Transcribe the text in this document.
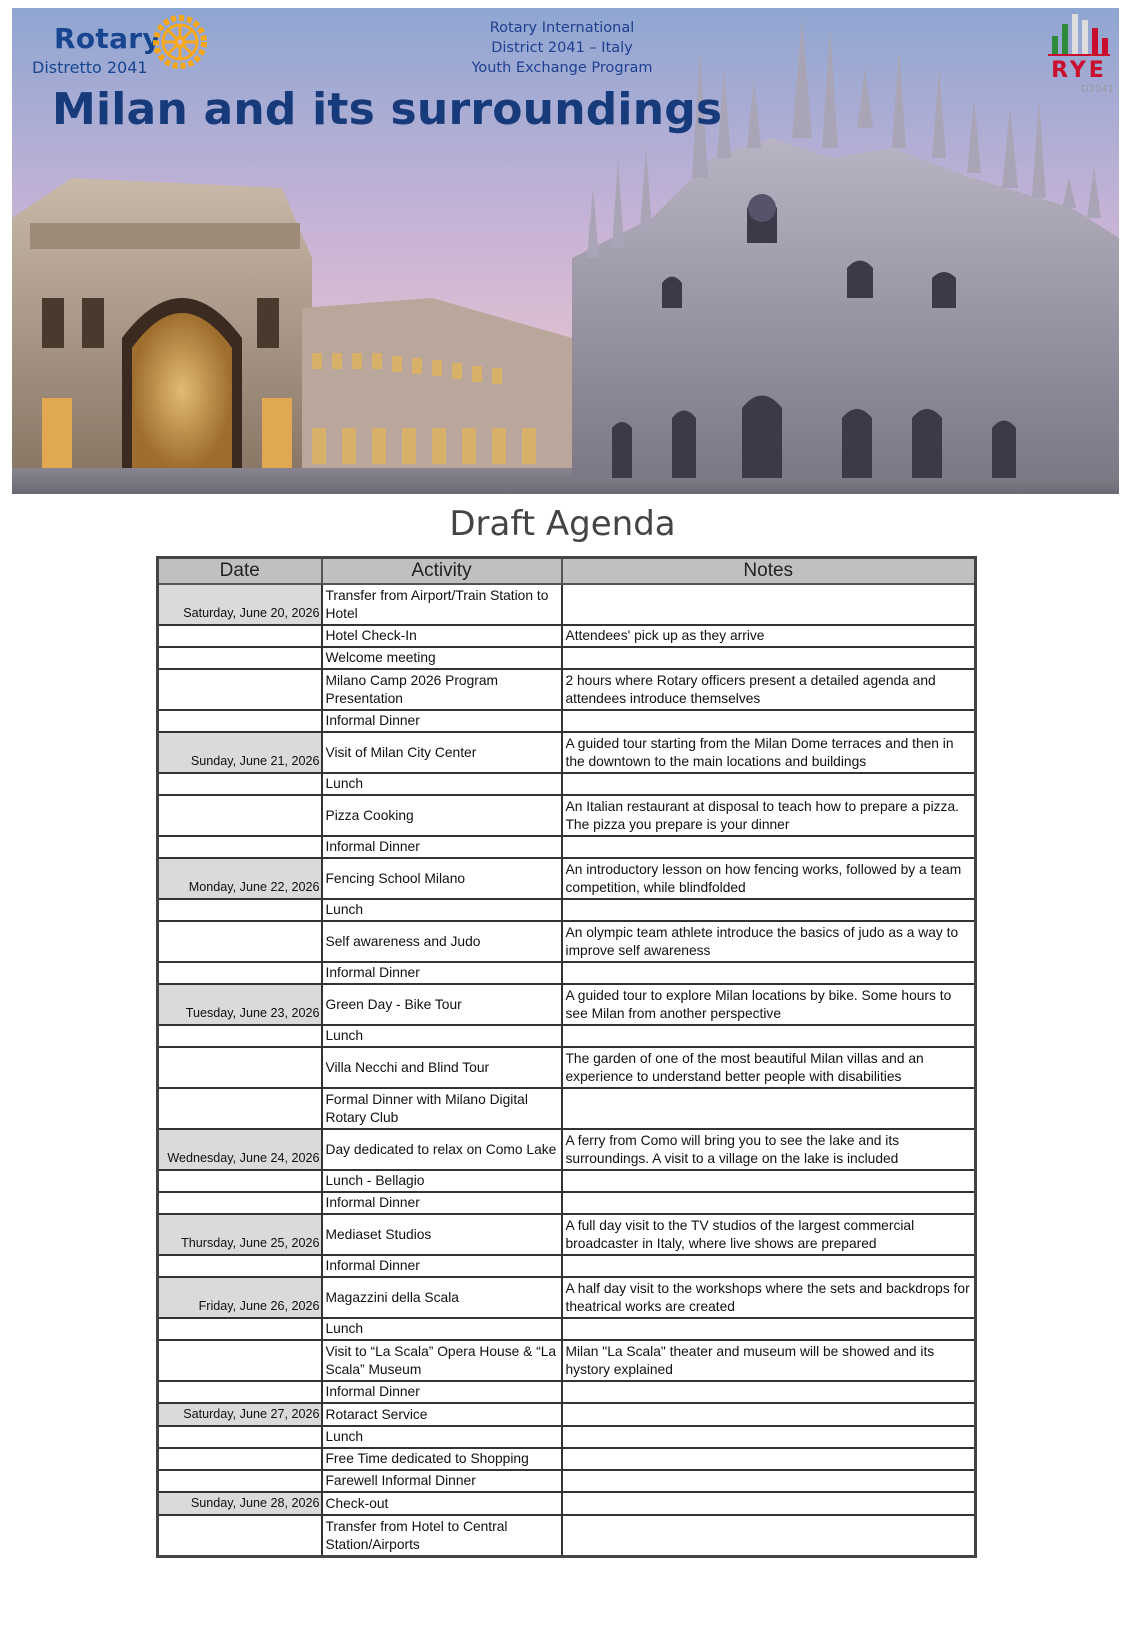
Rotary
Distretto 2041
Rotary International
District 2041 – Italy
Youth Exchange Program
Milan and its surroundings
RYE
D2041
Draft Agenda
Date	Activity	Notes
Saturday, June 20, 2026	Transfer from Airport/Train Station to Hotel	
	Hotel Check-In	Attendees' pick up as they arrive
	Welcome meeting	
	Milano Camp 2026 Program Presentation	2 hours where Rotary officers present a detailed agenda and attendees introduce themselves
	Informal Dinner	
Sunday, June 21, 2026	Visit of Milan City Center	A guided tour starting from the Milan Dome terraces and then in the downtown to the main locations and buildings
	Lunch	
	Pizza Cooking	An Italian restaurant at disposal to teach how to prepare a pizza. The pizza you prepare is your dinner
	Informal Dinner	
Monday, June 22, 2026	Fencing School Milano	An introductory lesson on how fencing works, followed by a team competition, while blindfolded
	Lunch	
	Self awareness and Judo	An olympic team athlete introduce the basics of judo as a way to improve self awareness
	Informal Dinner	
Tuesday, June 23, 2026	Green Day - Bike Tour	A guided tour to explore Milan locations by bike. Some hours to see Milan from another perspective
	Lunch	
	Villa Necchi and Blind Tour	The garden of one of the most beautiful Milan villas and an experience to understand better people with disabilities
	Formal Dinner with Milano Digital Rotary Club	
Wednesday, June 24, 2026	Day dedicated to relax on Como Lake	A ferry from Como will bring you to see the lake and its surroundings. A visit to a village on the lake is included
	Lunch - Bellagio	
	Informal Dinner	
Thursday, June 25, 2026	Mediaset Studios	A full day visit to the TV studios of the largest commercial broadcaster in Italy, where live shows are prepared
	Informal Dinner	
Friday, June 26, 2026	Magazzini della Scala	A half day visit to the workshops where the sets and backdrops for theatrical works are created
	Lunch	
	Visit to “La Scala” Opera House & “La Scala” Museum	Milan "La Scala" theater and museum will be showed and its hystory explained
	Informal Dinner	
Saturday, June 27, 2026	Rotaract Service	
	Lunch	
	Free Time dedicated to Shopping	
	Farewell Informal Dinner	
Sunday, June 28, 2026	Check-out	
	Transfer from Hotel to Central Station/Airports	
